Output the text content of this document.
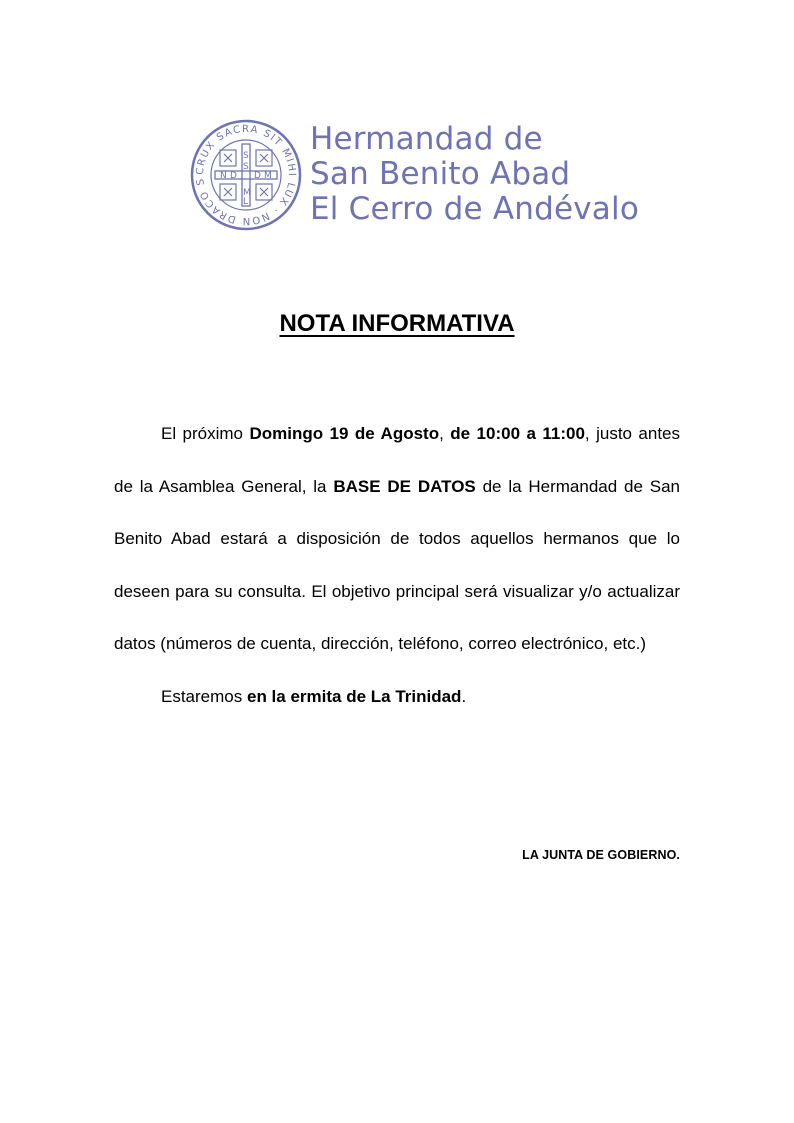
CRUX SACRA SIT MIHI LUX · NON DRACO S
S
S
M
L
N D D M
Hermandad de
San Benito Abad
El Cerro de Andévalo
NOTA INFORMATIVA

El próximo Domingo 19 de Agosto, de 10:00 a 11:00, justo antes de la Asamblea General, la BASE DE DATOS de la Hermandad de San Benito Abad estará a disposición de todos aquellos hermanos que lo deseen para su consulta. El objetivo principal será visualizar y/o actualizar datos (números de cuenta, dirección, teléfono, correo electrónico, etc.)

Estaremos en la ermita de La Trinidad.

LA JUNTA DE GOBIERNO.
